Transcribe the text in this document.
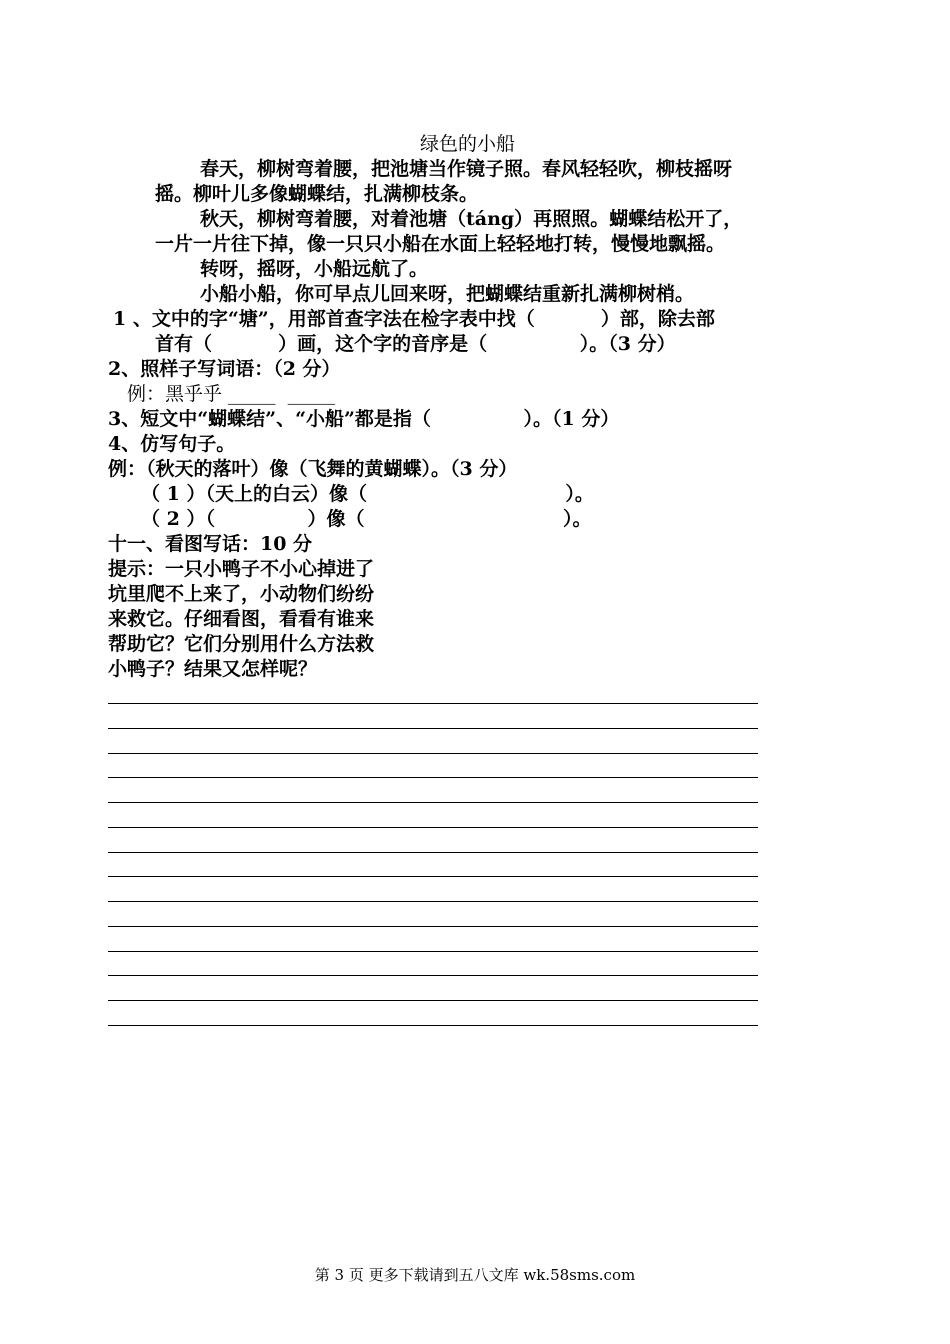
绿色的小船
春天，柳树弯着腰，把池塘当作镜子照。春风轻轻吹，柳枝摇呀
摇。柳叶儿多像蝴蝶结，扎满柳枝条。
秋天，柳树弯着腰，对着池塘（táng）再照照。蝴蝶结松开了，
一片一片往下掉，像一只只小船在水面上轻轻地打转，慢慢地飘摇。
转呀，摇呀，小船远航了。
小船小船，你可早点儿回来呀，把蝴蝶结重新扎满柳树梢。
1 、文中的字“塘”，用部首查字法在检字表中找（          ）部，除去部
首有（          ）画，这个字的音序是（              ）。（3 分）
2、照样子写词语：（2 分）
例：黑乎乎 _____  _____
3、短文中“蝴蝶结”、“小船”都是指（              ）。（1 分）
4、仿写句子。
例：（秋天的落叶）像（飞舞的黄蝴蝶）。（3 分）
（ 1 ）（天上的白云）像（                              ）。
（ 2 ）（              ）像（                              ）。
十一、看图写话：10 分
提示：一只小鸭子不小心掉进了
坑里爬不上来了，小动物们纷纷
来救它。仔细看图，看看有谁来
帮助它？它们分别用什么方法救
小鸭子？结果又怎样呢？
第 3 页 更多下载请到五八文库 wk.58sms.com
